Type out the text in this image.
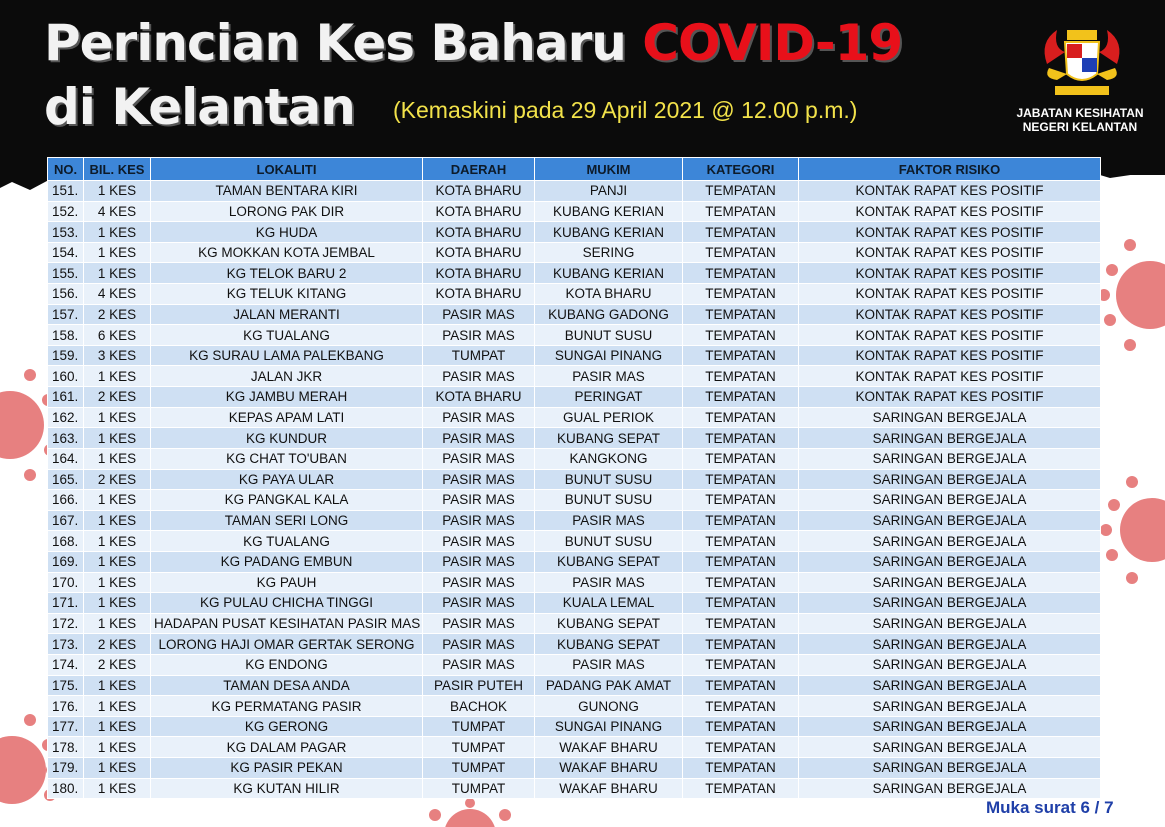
Perincian Kes Baharu COVID-19
di Kelantan (Kemaskini pada 29 April 2021 @ 12.00 p.m.)	JABATAN KESIHATAN
NEGERI KELANTAN
NO.	BIL. KES	LOKALITI	DAERAH	MUKIM	KATEGORI	FAKTOR RISIKO
151.	1 KES	TAMAN BENTARA KIRI	KOTA BHARU	PANJI	TEMPATAN	KONTAK RAPAT KES POSITIF
152.	4 KES	LORONG PAK DIR	KOTA BHARU	KUBANG KERIAN	TEMPATAN	KONTAK RAPAT KES POSITIF
153.	1 KES	KG HUDA	KOTA BHARU	KUBANG KERIAN	TEMPATAN	KONTAK RAPAT KES POSITIF
154.	1 KES	KG MOKKAN KOTA JEMBAL	KOTA BHARU	SERING	TEMPATAN	KONTAK RAPAT KES POSITIF
155.	1 KES	KG TELOK BARU 2	KOTA BHARU	KUBANG KERIAN	TEMPATAN	KONTAK RAPAT KES POSITIF
156.	4 KES	KG TELUK KITANG	KOTA BHARU	KOTA BHARU	TEMPATAN	KONTAK RAPAT KES POSITIF
157.	2 KES	JALAN MERANTI	PASIR MAS	KUBANG GADONG	TEMPATAN	KONTAK RAPAT KES POSITIF
158.	6 KES	KG TUALANG	PASIR MAS	BUNUT SUSU	TEMPATAN	KONTAK RAPAT KES POSITIF
159.	3 KES	KG SURAU LAMA PALEKBANG	TUMPAT	SUNGAI PINANG	TEMPATAN	KONTAK RAPAT KES POSITIF
160.	1 KES	JALAN JKR	PASIR MAS	PASIR MAS	TEMPATAN	KONTAK RAPAT KES POSITIF
161.	2 KES	KG JAMBU MERAH	KOTA BHARU	PERINGAT	TEMPATAN	KONTAK RAPAT KES POSITIF
162.	1 KES	KEPAS APAM LATI	PASIR MAS	GUAL PERIOK	TEMPATAN	SARINGAN BERGEJALA
163.	1 KES	KG KUNDUR	PASIR MAS	KUBANG SEPAT	TEMPATAN	SARINGAN BERGEJALA
164.	1 KES	KG CHAT TO'UBAN	PASIR MAS	KANGKONG	TEMPATAN	SARINGAN BERGEJALA
165.	2 KES	KG PAYA ULAR	PASIR MAS	BUNUT SUSU	TEMPATAN	SARINGAN BERGEJALA
166.	1 KES	KG PANGKAL KALA	PASIR MAS	BUNUT SUSU	TEMPATAN	SARINGAN BERGEJALA
167.	1 KES	TAMAN SERI LONG	PASIR MAS	PASIR MAS	TEMPATAN	SARINGAN BERGEJALA
168.	1 KES	KG TUALANG	PASIR MAS	BUNUT SUSU	TEMPATAN	SARINGAN BERGEJALA
169.	1 KES	KG PADANG EMBUN	PASIR MAS	KUBANG SEPAT	TEMPATAN	SARINGAN BERGEJALA
170.	1 KES	KG PAUH	PASIR MAS	PASIR MAS	TEMPATAN	SARINGAN BERGEJALA
171.	1 KES	KG PULAU CHICHA TINGGI	PASIR MAS	KUALA LEMAL	TEMPATAN	SARINGAN BERGEJALA
172.	1 KES	HADAPAN PUSAT KESIHATAN PASIR MAS	PASIR MAS	KUBANG SEPAT	TEMPATAN	SARINGAN BERGEJALA
173.	2 KES	LORONG HAJI OMAR GERTAK SERONG	PASIR MAS	KUBANG SEPAT	TEMPATAN	SARINGAN BERGEJALA
174.	2 KES	KG ENDONG	PASIR MAS	PASIR MAS	TEMPATAN	SARINGAN BERGEJALA
175.	1 KES	TAMAN DESA ANDA	PASIR PUTEH	PADANG PAK AMAT	TEMPATAN	SARINGAN BERGEJALA
176.	1 KES	KG PERMATANG PASIR	BACHOK	GUNONG	TEMPATAN	SARINGAN BERGEJALA
177.	1 KES	KG GERONG	TUMPAT	SUNGAI PINANG	TEMPATAN	SARINGAN BERGEJALA
178.	1 KES	KG DALAM PAGAR	TUMPAT	WAKAF BHARU	TEMPATAN	SARINGAN BERGEJALA
179.	1 KES	KG PASIR PEKAN	TUMPAT	WAKAF BHARU	TEMPATAN	SARINGAN BERGEJALA
180.	1 KES	KG KUTAN HILIR	TUMPAT	WAKAF BHARU	TEMPATAN	SARINGAN BERGEJALA
Muka surat 6 / 7
